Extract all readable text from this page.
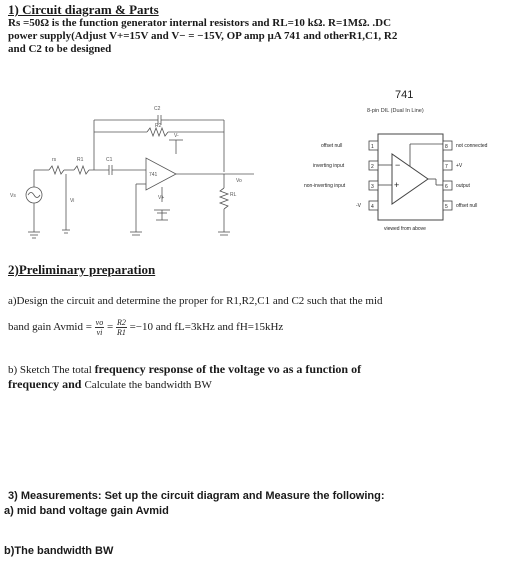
1) Circuit diagram & Parts
Rs =50Ω is the function generator internal resistors and RL=10 kΩ. R=1MΩ. .DC
power supply(Adjust V+=15V and V− = −15V, OP amp µA 741 and otherR1,C1, R2
and C2 to be designed
C2
R2
V-
rs	R1	C1
741
Vo
Vs
Vi	V+	RL
741
8-pin DIL (Dual In Line)
−
+
offset null	1
inverting input	2
non-inverting input	3
-V 4
8 not connected
7 +V
6 output
5 offset null
viewed from above
2)Preliminary preparation
a)Design the circuit and determine the proper for R1,R2,C1 and C2 such that the mid
band gain Avmid = $\frac{vo}{vi} = \frac{R2}{R1} =-10$ and fL=3kHz and fH=15kHz
b) Sketch The total frequency response of the voltage vo as a function of
frequency and Calculate the bandwidth BW
3) Measurements: Set up the circuit diagram and Measure the following:
a) mid band voltage gain Avmid
b)The bandwidth BW
